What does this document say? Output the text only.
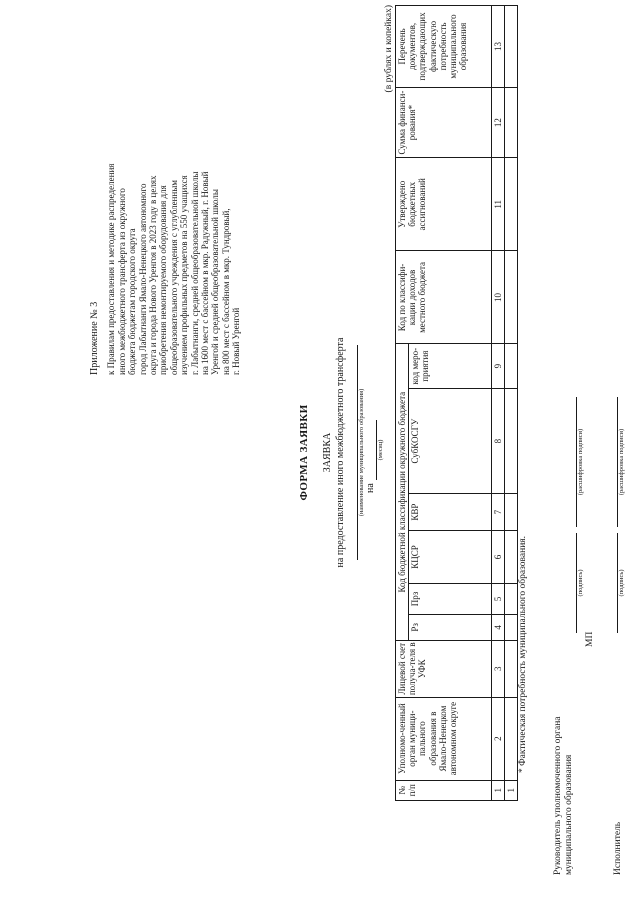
Приложение № 3 к Правилам предоставления и методике распределения иного межбюджетного трансферта из окружного бюджета бюджетам городского округа город Лабытнанги Ямало-Ненецкого автономного округа и города Нового Уренгоя в 2023 году в целях приобретения немонтируемого оборудования для общеобразовательного учреждения с углубленным изучением профильных предметов на 550 учащихся г. Лабытнанги, средней общеобразовательной школы на 1600 мест с бассейном в мкр. Радужный, г. Новый Уренгой и средней общеобразовательной школы на 800 мест с бассейном в мкр. Тундровый, г. Новый Уренгой
ФОРМА ЗАЯВКИ ЗАЯВКА на предоставление иного межбюджетного трансферта (наименование муниципального образования) на
(месяц)
(в рублях и копейках)
№ п/п	Уполномо-ченный орган муници-пального образования в Ямало-Ненецком автономном округе	Лицевой счет получа-теля в УФК	Код бюджетной классификации окружного бюджета						Код по классифи-кации доходов местного бюджета	Утверждено бюджетных ассигнований	Сумма финанси-рования*	Перечень документов, подтверждающих фактическую потребность муниципального образования
			Рз	Прз	КЦСР	КВР	СубКОСГУ	код меро-приятия				
1	2	3	4	5	6	7	8	9	10	11	12	13
1												
* Фактическая потребность муниципального образования.
Руководитель уполномоченного органа муниципального образования
(подпись)
(расшифровка подписи)
МП
Исполнитель
(подпись)
(расшифровка подписи)
